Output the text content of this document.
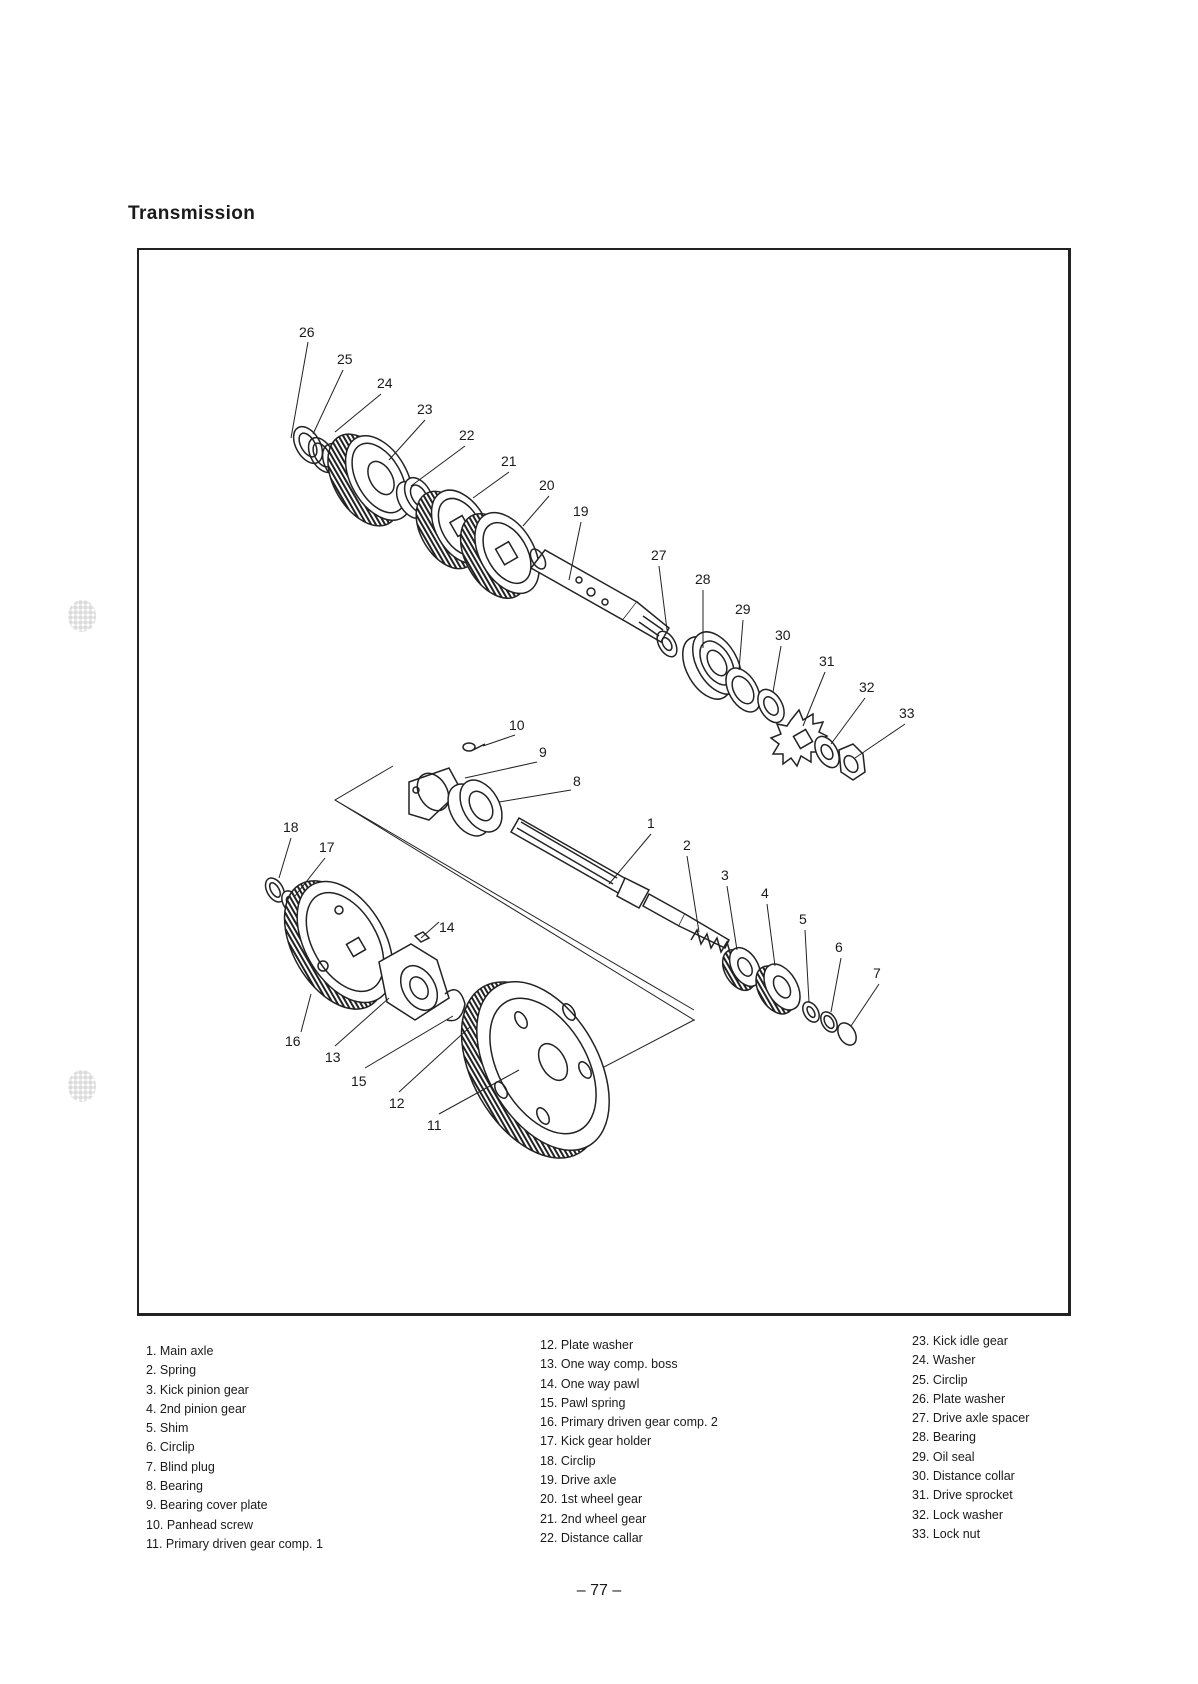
Transmission
26
25
24
23
22
21
20
19
27
28
29
30
31
32
33
10
9
8
1
2
3
4
5
6
7
18
17
14
16
13
15
12
11
1. Main axle
2. Spring
3. Kick pinion gear
4. 2nd pinion gear
5. Shim
6. Circlip
7. Blind plug
8. Bearing
9. Bearing cover plate
10. Panhead screw
11. Primary driven gear comp. 1
12. Plate washer
13. One way comp. boss
14. One way pawl
15. Pawl spring
16. Primary driven gear comp. 2
17. Kick gear holder
18. Circlip
19. Drive axle
20. 1st wheel gear
21. 2nd wheel gear
22. Distance callar
23. Kick idle gear
24. Washer
25. Circlip
26. Plate washer
27. Drive axle spacer
28. Bearing
29. Oil seal
30. Distance collar
31. Drive sprocket
32. Lock washer
33. Lock nut
– 77 –
